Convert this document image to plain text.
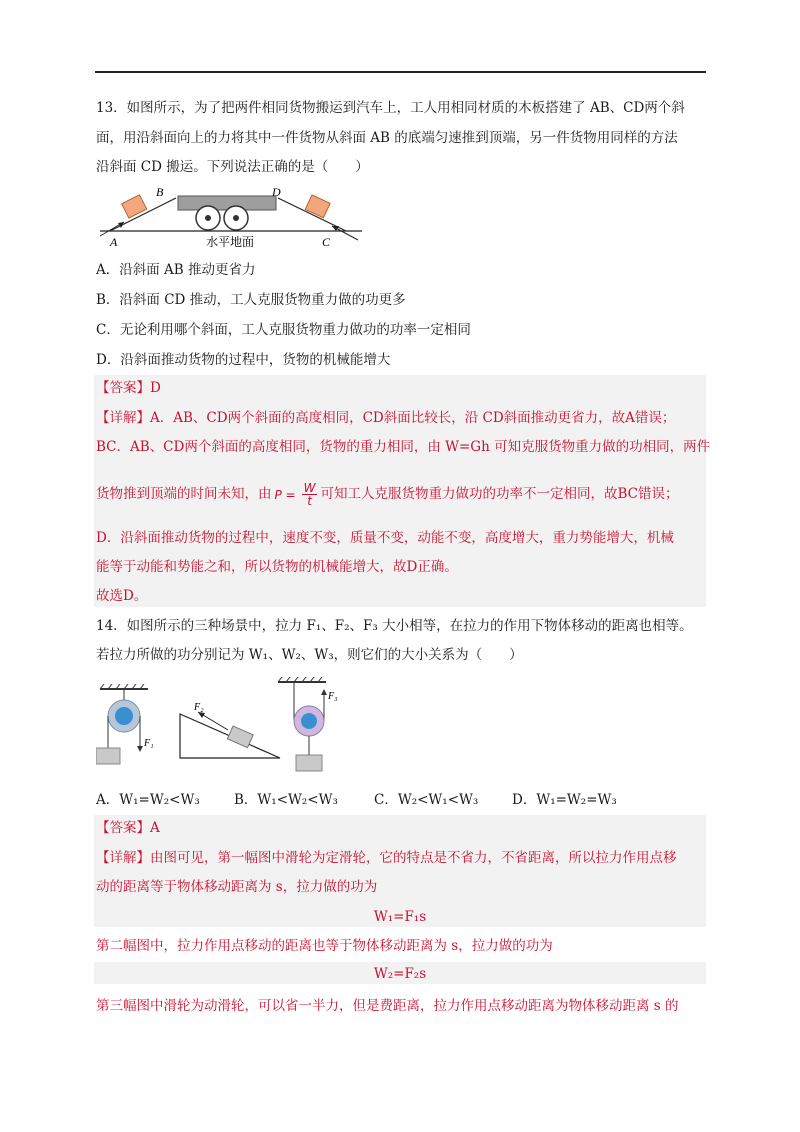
13．如图所示，为了把两件相同货物搬运到汽车上，工人用相同材质的木板搭建了 AB、CD两个斜
面，用沿斜面向上的力将其中一件货物从斜面 AB 的底端匀速推到顶端，另一件货物用同样的方法
沿斜面 CD 搬运。下列说法正确的是（　　）
A
B	D
C
水平地面
A．沿斜面 AB 推动更省力
B．沿斜面 CD 推动，工人克服货物重力做的功更多
C．无论利用哪个斜面，工人克服货物重力做功的功率一定相同
D．沿斜面推动货物的过程中，货物的机械能增大
【答案】D
【详解】A．AB、CD两个斜面的高度相同，CD斜面比较长，沿 CD斜面推动更省力，故A错误；
BC．AB、CD两个斜面的高度相同，货物的重力相同，由 W=Gh 可知克服货物重力做的功相同，两件
货物推到顶端的时间未知，由 $P = \frac{W}{t}$ 可知工人克服货物重力做功的功率不一定相同，故BC错误；
D．沿斜面推动货物的过程中，速度不变，质量不变，动能不变，高度增大，重力势能增大，机械
能等于动能和势能之和，所以货物的机械能增大，故D正确。
故选D。
14．如图所示的三种场景中，拉力 F₁、F₂、F₃ 大小相等，在拉力的作用下物体移动的距离也相等。
若拉力所做的功分别记为 W₁、W₂、W₃，则它们的大小关系为（　　）
F₁
F₂
F₃
A．W₁=W₂<W₃	B．W₁<W₂<W₃	C．W₂<W₁<W₃ D．W₁=W₂=W₃
【答案】A
【详解】由图可见，第一幅图中滑轮为定滑轮，它的特点是不省力，不省距离，所以拉力作用点移
动的距离等于物体移动距离为 s，拉力做的功为
W₁=F₁s
第二幅图中，拉力作用点移动的距离也等于物体移动距离为 s，拉力做的功为
W₂=F₂s
第三幅图中滑轮为动滑轮，可以省一半力，但是费距离，拉力作用点移动距离为物体移动距离 s 的
